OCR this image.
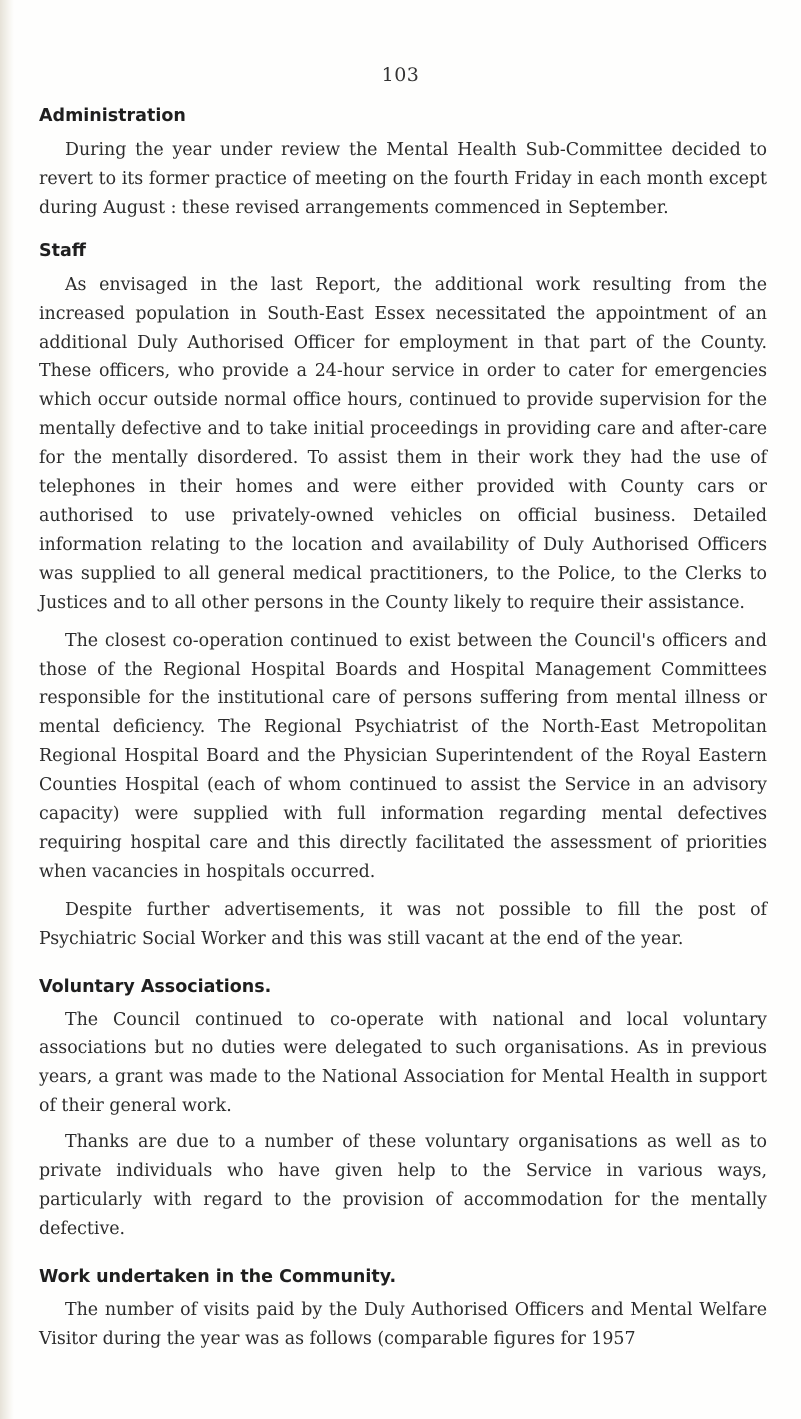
103
Administration

During the year under review the Mental Health Sub-Committee decided to revert to its former practice of meeting on the fourth Friday in each month except during August : these revised arrangements commenced in September.

Staff

As envisaged in the last Report, the additional work resulting from the increased population in South-East Essex necessitated the appointment of an additional Duly Authorised Officer for employment in that part of the County. These officers, who provide a 24-hour service in order to cater for emergencies which occur outside normal office hours, continued to provide supervision for the mentally defective and to take initial proceedings in providing care and after-care for the mentally disordered. To assist them in their work they had the use of telephones in their homes and were either provided with County cars or authorised to use privately-owned vehicles on official business. Detailed information relating to the location and availability of Duly Authorised Officers was supplied to all general medical practitioners, to the Police, to the Clerks to Justices and to all other persons in the County likely to require their assistance.

The closest co-operation continued to exist between the Council's officers and those of the Regional Hospital Boards and Hospital Management Committees responsible for the institutional care of persons suffering from mental illness or mental deficiency. The Regional Psychiatrist of the North-East Metropolitan Regional Hospital Board and the Physician Superintendent of the Royal Eastern Counties Hospital (each of whom continued to assist the Service in an advisory capacity) were supplied with full information regarding mental defectives requiring hospital care and this directly facilitated the assessment of priorities when vacancies in hospitals occurred.

Despite further advertisements, it was not possible to fill the post of Psychiatric Social Worker and this was still vacant at the end of the year.

Voluntary Associations.

The Council continued to co-operate with national and local voluntary associations but no duties were delegated to such organisations. As in previous years, a grant was made to the National Association for Mental Health in support of their general work.

Thanks are due to a number of these voluntary organisations as well as to private individuals who have given help to the Service in various ways, particularly with regard to the provision of accommodation for the mentally defective.

Work undertaken in the Community.

The number of visits paid by the Duly Authorised Officers and Mental Welfare Visitor during the year was as follows (comparable figures for 1957
